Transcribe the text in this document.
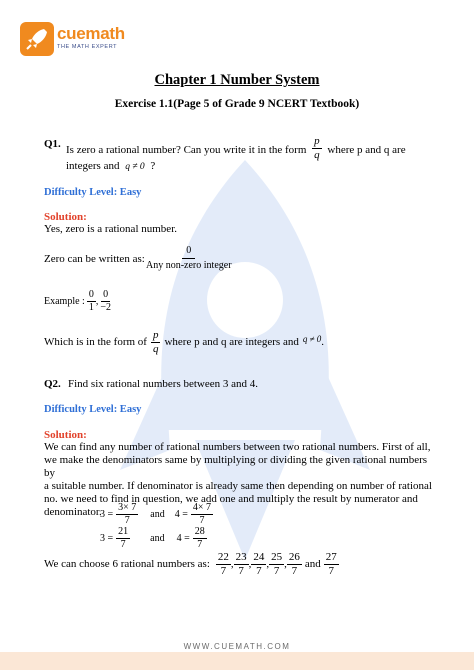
cuemath
THE MATH EXPERT
Chapter 1 Number System
Exercise 1.1(Page 5 of Grade 9 NCERT Textbook)
Q1.
Is zero a rational number? Can you write it in the form $\frac{p}{q}$ where p and q are
integers and q ≠ 0 ?
Difficulty Level: Easy
Solution:
Yes, zero is a rational number.
Zero can be written as:
$\frac{0}{\text{Any non-zero integer}}$
Example : $\frac{0}{1}$ , $\frac{0}{-2}$
Which is in the form of $\frac{p}{q}$ where p and q are integers and q ≠ 0 .
Q2. Find six rational numbers between 3 and 4.
Difficulty Level: Easy
Solution:
We can find any number of rational numbers between two rational numbers. First of all,
we make the denominators same by multiplying or dividing the given rational numbers by
a suitable number. If denominator is already same then depending on number of rational
no. we need to find in question, we add one and multiply the result by numerator and
denominator.
$3 = \frac{3\times 7}{7}$ and $4 = \frac{4\times 7}{7}$
$3 = \frac{21}{7}$ and $4 = \frac{28}{7}$
We can choose 6 rational numbers as: $\frac{22}{7}$ , $\frac{23}{7}$ , $\frac{24}{7}$ , $\frac{25}{7}$ , $\frac{26}{7}$ and $\frac{27}{7}$
WWW.CUEMATH.COM
